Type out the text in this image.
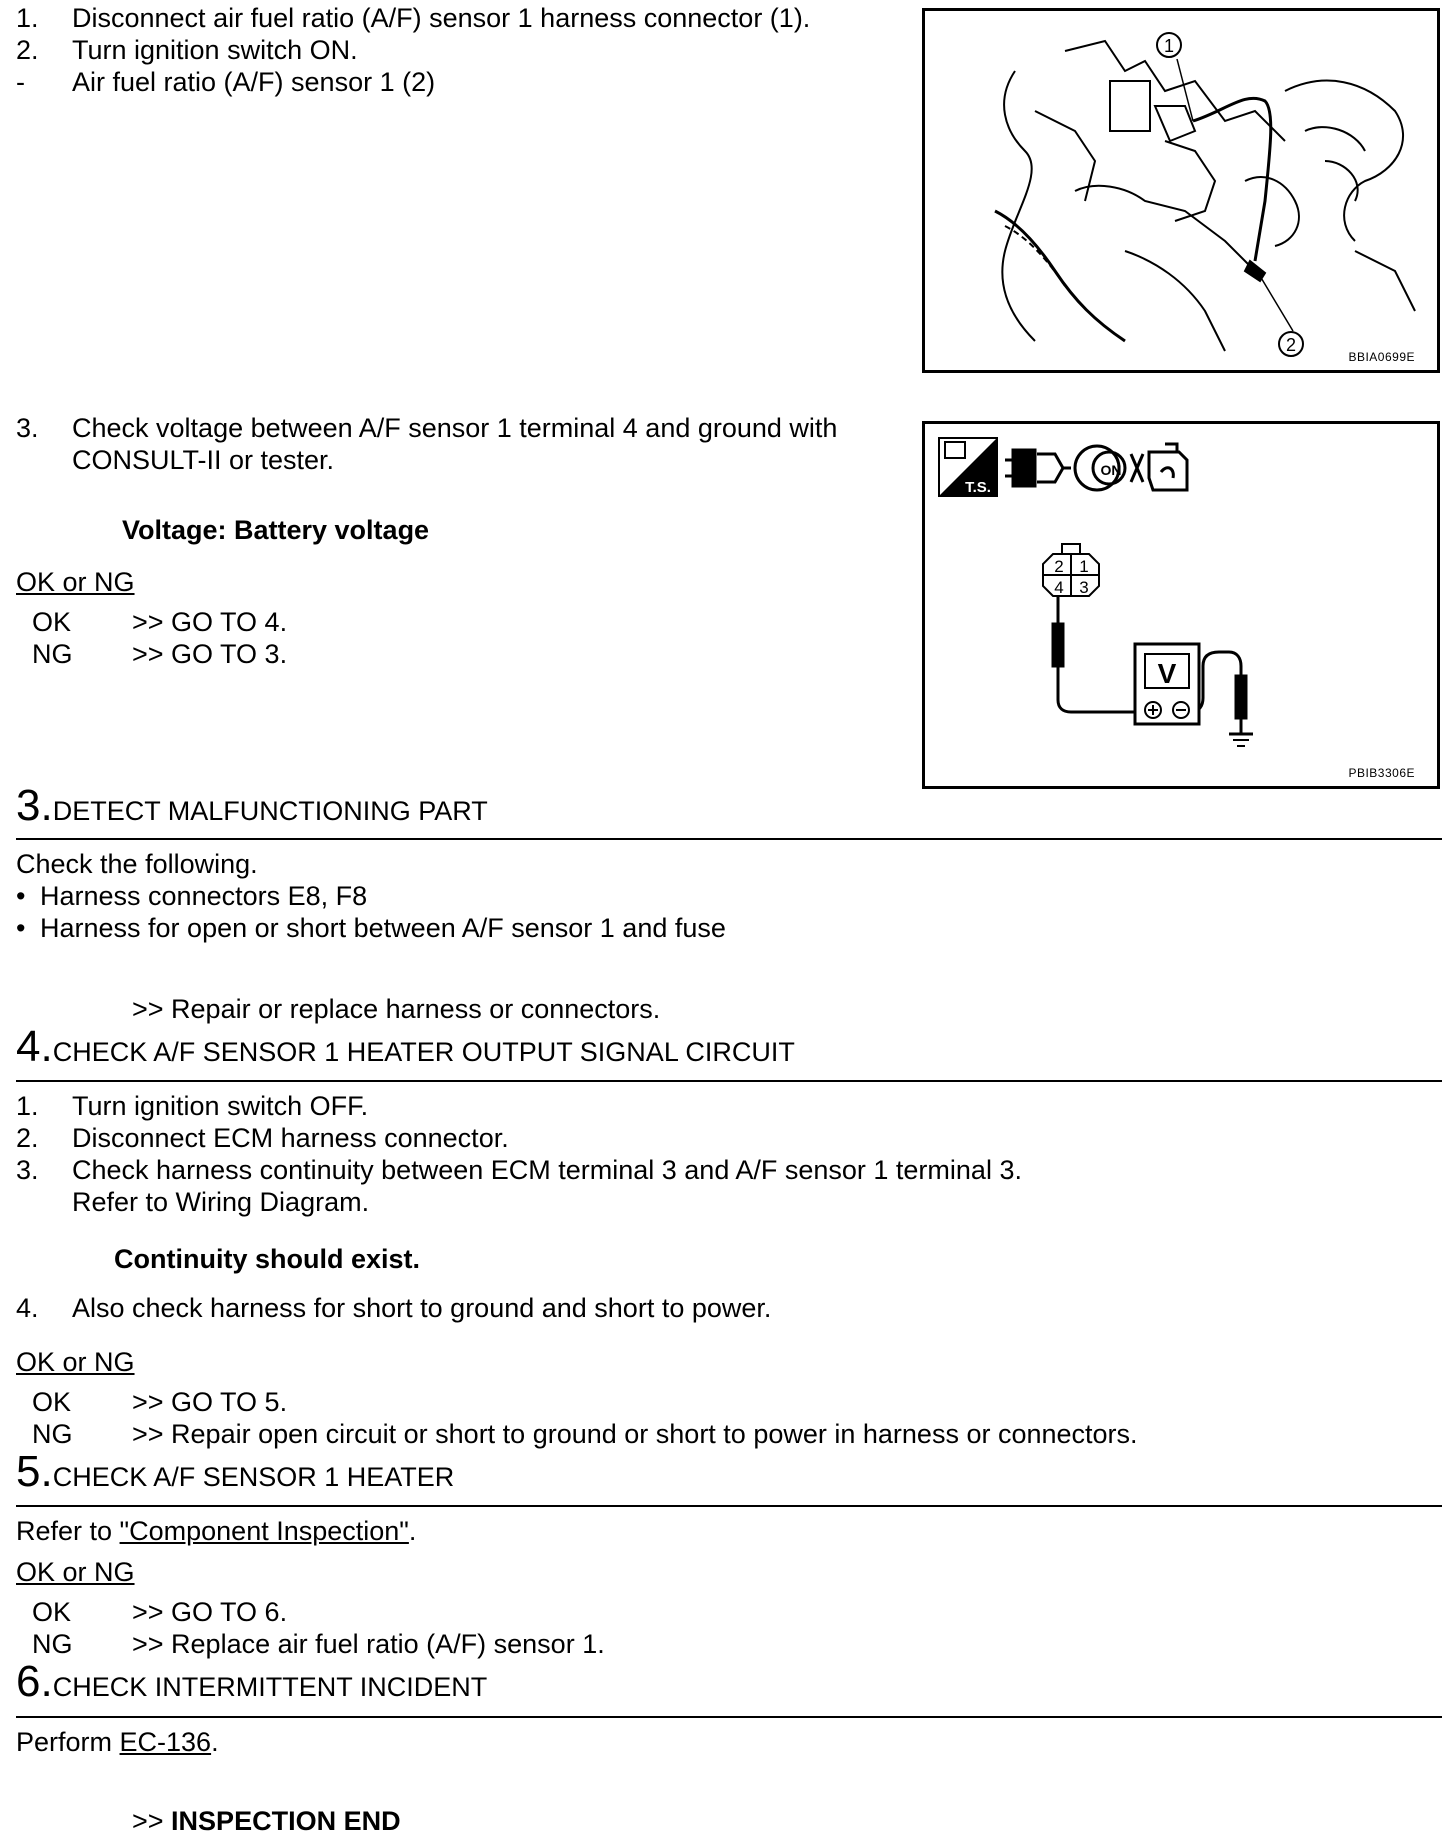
1.	Disconnect air fuel ratio (A/F) sensor 1 harness connector (1).
2.	Turn ignition switch ON.
-	Air fuel ratio (A/F) sensor 1 (2)
1
2
BBIA0699E
3.	Check voltage between A/F sensor 1 terminal 4 and ground with
CONSULT-II or tester.
Voltage: Battery voltage
OK or NG
OK >> GO TO 4.
NG >> GO TO 3.
T.S.
ON
2 1
4 3
V
PBIB3306E
3.DETECT MALFUNCTIONING PART
Check the following.
• Harness connectors E8, F8
• Harness for open or short between A/F sensor 1 and fuse
>> Repair or replace harness or connectors.
4.CHECK A/F SENSOR 1 HEATER OUTPUT SIGNAL CIRCUIT
1.	Turn ignition switch OFF.
2.	Disconnect ECM harness connector.
3.	Check harness continuity between ECM terminal 3 and A/F sensor 1 terminal 3.
Refer to Wiring Diagram.
Continuity should exist.
4.	Also check harness for short to ground and short to power.
OK or NG
OK >> GO TO 5.
NG >> Repair open circuit or short to ground or short to power in harness or connectors.
5.CHECK A/F SENSOR 1 HEATER
Refer to "Component Inspection".
OK or NG
OK >> GO TO 6.
NG >> Replace air fuel ratio (A/F) sensor 1.
6.CHECK INTERMITTENT INCIDENT
Perform EC-136.
>> INSPECTION END
